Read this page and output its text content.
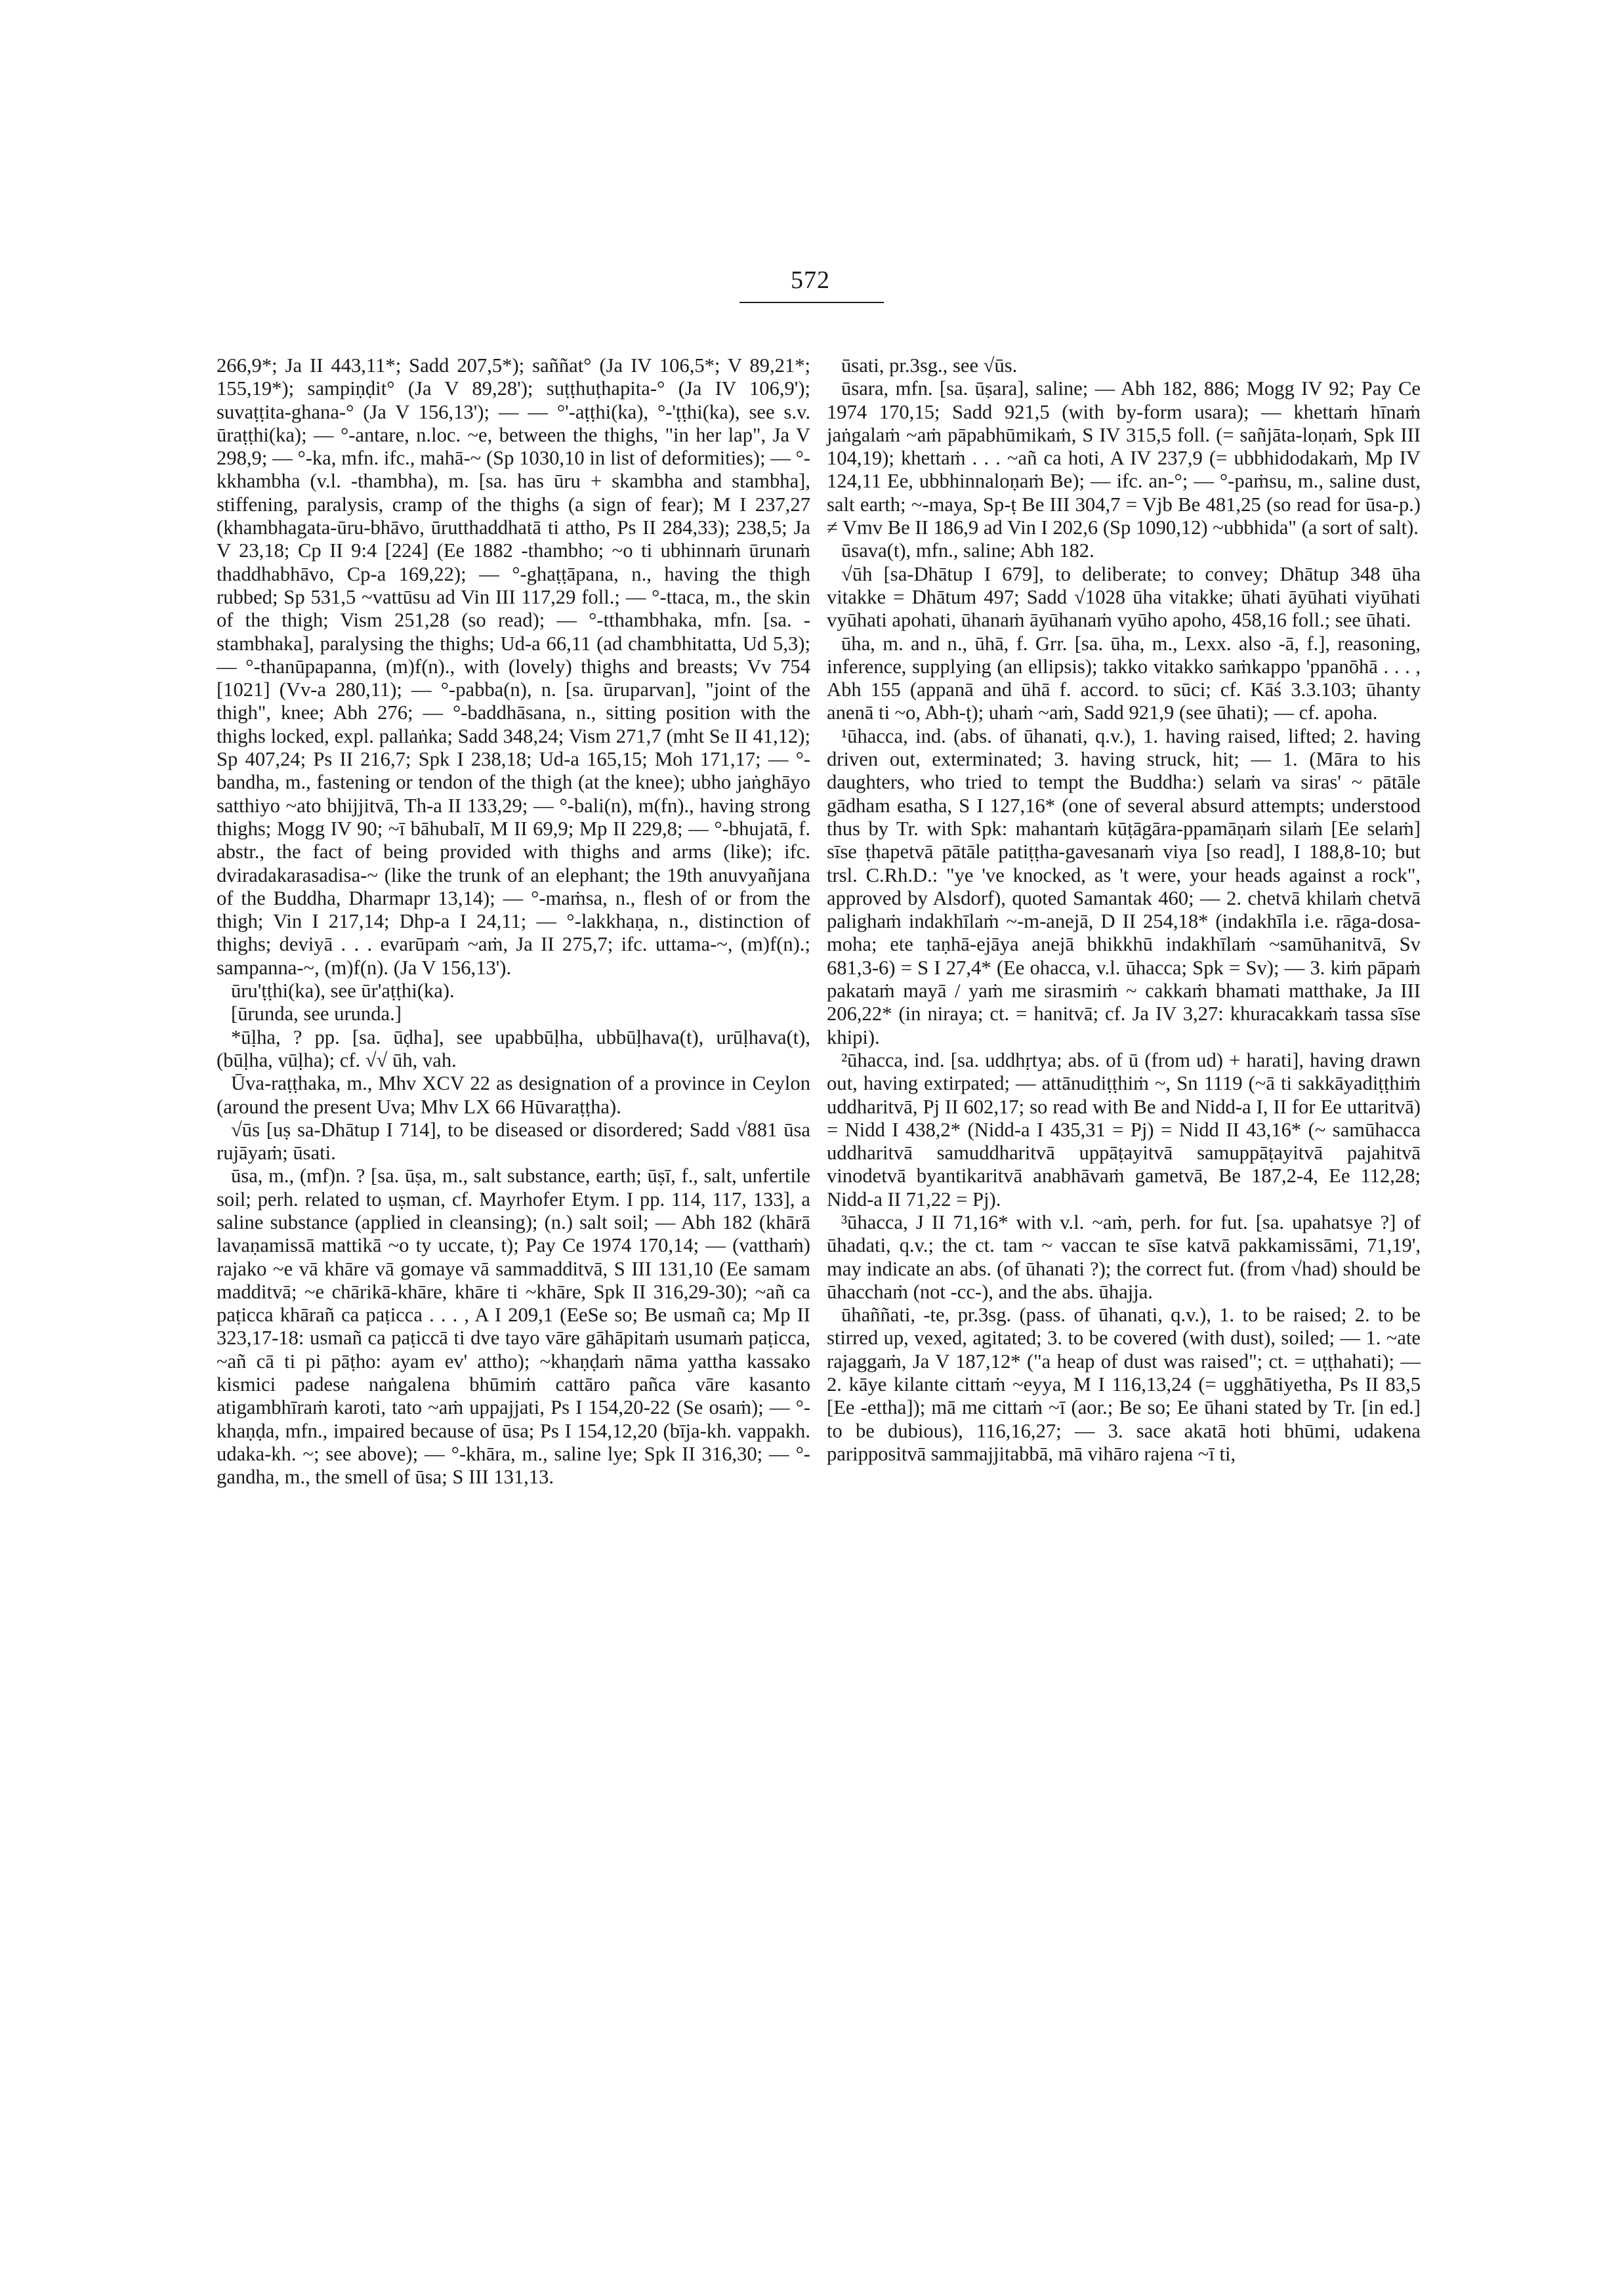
572

266,9*; Ja II 443,11*; Sadd 207,5*); saññat° (Ja IV 106,5*; V 89,21*; 155,19*); sampiṇḍit° (Ja V 89,28'); suṭṭhuṭhapita-° (Ja IV 106,9'); suvaṭṭita-ghana-° (Ja V 156,13'); — — °'-aṭṭhi(ka), °-'ṭṭhi(ka), see s.v. ūraṭṭhi(ka); — °-antare, n.loc. ~e, between the thighs, "in her lap", Ja V 298,9; — °-ka, mfn. ifc., mahā-~ (Sp 1030,10 in list of deformities); — °-kkhambha (v.l. -thambha), m. [sa. has ūru + skambha and stambha], stiffening, paralysis, cramp of the thighs (a sign of fear); M I 237,27 (khambhagata-ūru-bhāvo, ūrutthaddhatā ti attho, Ps II 284,33); 238,5; Ja V 23,18; Cp II 9:4 [224] (Ee 1882 -thambho; ~o ti ubhinnaṁ ūrunaṁ thaddhabhāvo, Cp-a 169,22); — °-ghaṭṭāpana, n., having the thigh rubbed; Sp 531,5 ~vattūsu ad Vin III 117,29 foll.; — °-ttaca, m., the skin of the thigh; Vism 251,28 (so read); — °-tthambhaka, mfn. [sa. -stambhaka], paralysing the thighs; Ud-a 66,11 (ad chambhitatta, Ud 5,3); — °-thanūpapanna, (m)f(n)., with (lovely) thighs and breasts; Vv 754 [1021] (Vv-a 280,11); — °-pabba(n), n. [sa. ūruparvan], "joint of the thigh", knee; Abh 276; — °-baddhāsana, n., sitting position with the thighs locked, expl. pallaṅka; Sadd 348,24; Vism 271,7 (mht Se II 41,12); Sp 407,24; Ps II 216,7; Spk I 238,18; Ud-a 165,15; Moh 171,17; — °-bandha, m., fastening or tendon of the thigh (at the knee); ubho jaṅghāyo satthiyo ~ato bhijjitvā, Th-a II 133,29; — °-bali(n), m(fn)., having strong thighs; Mogg IV 90; ~ī bāhubalī, M II 69,9; Mp II 229,8; — °-bhujatā, f. abstr., the fact of being provided with thighs and arms (like); ifc. dviradakarasadisa-~ (like the trunk of an elephant; the 19th anuvyañjana of the Buddha, Dharmapr 13,14); — °-maṁsa, n., flesh of or from the thigh; Vin I 217,14; Dhp-a I 24,11; — °-lakkhaṇa, n., distinction of thighs; deviyā . . . evarūpaṁ ~aṁ, Ja II 275,7; ifc. uttama-~, (m)f(n).; sampanna-~, (m)f(n). (Ja V 156,13').

ūru'ṭṭhi(ka), see ūr'aṭṭhi(ka).

[ūrunda, see urunda.]

*ūḷha, ? pp. [sa. ūḍha], see upabbūḷha, ubbūḷhava(t), urūḷhava(t), (būḷha, vūḷha); cf. √√ ūh, vah.

Ūva-raṭṭhaka, m., Mhv XCV 22 as designation of a province in Ceylon (around the present Uva; Mhv LX 66 Hūvaraṭṭha).

√ūs [uṣ sa-Dhātup I 714], to be diseased or disordered; Sadd √881 ūsa rujāyaṁ; ūsati.

ūsa, m., (mf)n. ? [sa. ūṣa, m., salt substance, earth; ūṣī, f., salt, unfertile soil; perh. related to uṣman, cf. Mayrhofer Etym. I pp. 114, 117, 133], a saline substance (applied in cleansing); (n.) salt soil; — Abh 182 (khārā lavaṇamissā mattikā ~o ty uccate, t); Pay Ce 1974 170,14; — (vatthaṁ) rajako ~e vā khāre vā gomaye vā sammadditvā, S III 131,10 (Ee samam madditvā; ~e chārikā-khāre, khāre ti ~khāre, Spk II 316,29-30); ~añ ca paṭicca khārañ ca paṭicca . . . , A I 209,1 (EeSe so; Be usmañ ca; Mp II 323,17-18: usmañ ca paṭiccā ti dve tayo vāre gāhāpitaṁ usumaṁ paṭicca, ~añ cā ti pi pāṭho: ayam ev' attho); ~khaṇḍaṁ nāma yattha kassako kismici padese naṅgalena bhūmiṁ cattāro pañca vāre kasanto atigambhīraṁ karoti, tato ~aṁ uppajjati, Ps I 154,20-22 (Se osaṁ); — °-khaṇḍa, mfn., impaired because of ūsa; Ps I 154,12,20 (bīja-kh. vappakh. udaka-kh. ~; see above); — °-khāra, m., saline lye; Spk II 316,30; — °-gandha, m., the smell of ūsa; S III 131,13.

ūsati, pr.3sg., see √ūs.

ūsara, mfn. [sa. ūṣara], saline; — Abh 182, 886; Mogg IV 92; Pay Ce 1974 170,15; Sadd 921,5 (with by-form usara); — khettaṁ hīnaṁ jaṅgalaṁ ~aṁ pāpabhūmikaṁ, S IV 315,5 foll. (= sañjāta-loṇaṁ, Spk III 104,19); khettaṁ . . . ~añ ca hoti, A IV 237,9 (= ubbhidodakaṁ, Mp IV 124,11 Ee, ubbhinnaloṇaṁ Be); — ifc. an-°; — °-paṁsu, m., saline dust, salt earth; ~-maya, Sp-ṭ Be III 304,7 = Vjb Be 481,25 (so read for ūsa-p.) ≠ Vmv Be II 186,9 ad Vin I 202,6 (Sp 1090,12) ~ubbhida" (a sort of salt).

ūsava(t), mfn., saline; Abh 182.

√ūh [sa-Dhātup I 679], to deliberate; to convey; Dhātup 348 ūha vitakke = Dhātum 497; Sadd √1028 ūha vitakke; ūhati āyūhati viyūhati vyūhati apohati, ūhanaṁ āyūhanaṁ vyūho apoho, 458,16 foll.; see ūhati.

ūha, m. and n., ūhā, f. Grr. [sa. ūha, m., Lexx. also -ā, f.], reasoning, inference, supplying (an ellipsis); takko vitakko saṁkappo 'ppanōhā . . . , Abh 155 (appanā and ūhā f. accord. to sūci; cf. Kāś 3.3.103; ūhanty anenā ti ~o, Abh-ṭ); uhaṁ ~aṁ, Sadd 921,9 (see ūhati); — cf. apoha.

¹ūhacca, ind. (abs. of ūhanati, q.v.), 1. having raised, lifted; 2. having driven out, exterminated; 3. having struck, hit; — 1. (Māra to his daughters, who tried to tempt the Buddha:) selaṁ va siras' ~ pātāle gādham esatha, S I 127,16* (one of several absurd attempts; understood thus by Tr. with Spk: mahantaṁ kūṭāgāra-ppamāṇaṁ silaṁ [Ee selaṁ] sīse ṭhapetvā pātāle patiṭṭha-gavesanaṁ viya [so read], I 188,8-10; but trsl. C.Rh.D.: "ye 've knocked, as 't were, your heads against a rock", approved by Alsdorf), quoted Samantak 460; — 2. chetvā khilaṁ chetvā palighaṁ indakhīlaṁ ~-m-anejā, D II 254,18* (indakhīla i.e. rāga-dosa-moha; ete taṇhā-ejāya anejā bhikkhū indakhīlaṁ ~samūhanitvā, Sv 681,3-6) = S I 27,4* (Ee ohacca, v.l. ūhacca; Spk = Sv); — 3. kiṁ pāpaṁ pakataṁ mayā / yaṁ me sirasmiṁ ~ cakkaṁ bhamati matthake, Ja III 206,22* (in niraya; ct. = hanitvā; cf. Ja IV 3,27: khuracakkaṁ tassa sīse khipi).

²ūhacca, ind. [sa. uddhṛtya; abs. of ū (from ud) + harati], having drawn out, having extirpated; — attānudiṭṭhiṁ ~, Sn 1119 (~ā ti sakkāyadiṭṭhiṁ uddharitvā, Pj II 602,17; so read with Be and Nidd-a I, II for Ee uttaritvā) = Nidd I 438,2* (Nidd-a I 435,31 = Pj) = Nidd II 43,16* (~ samūhacca uddharitvā samuddharitvā uppāṭayitvā samuppāṭayitvā pajahitvā vinodetvā byantikaritvā anabhāvaṁ gametvā, Be 187,2-4, Ee 112,28; Nidd-a II 71,22 = Pj).

³ūhacca, J II 71,16* with v.l. ~aṁ, perh. for fut. [sa. upahatsye ?] of ūhadati, q.v.; the ct. tam ~ vaccan te sīse katvā pakkamissāmi, 71,19', may indicate an abs. (of ūhanati ?); the correct fut. (from √had) should be ūhacchaṁ (not -cc-), and the abs. ūhajja.

ūhaññati, -te, pr.3sg. (pass. of ūhanati, q.v.), 1. to be raised; 2. to be stirred up, vexed, agitated; 3. to be covered (with dust), soiled; — 1. ~ate rajaggaṁ, Ja V 187,12* ("a heap of dust was raised"; ct. = uṭṭhahati); — 2. kāye kilante cittaṁ ~eyya, M I 116,13,24 (= ugghātiyetha, Ps II 83,5 [Ee -ettha]); mā me cittaṁ ~ī (aor.; Be so; Ee ūhani stated by Tr. [in ed.] to be dubious), 116,16,27; — 3. sace akatā hoti bhūmi, udakena parippositvā sammajjitabbā, mā vihāro rajena ~ī ti,
